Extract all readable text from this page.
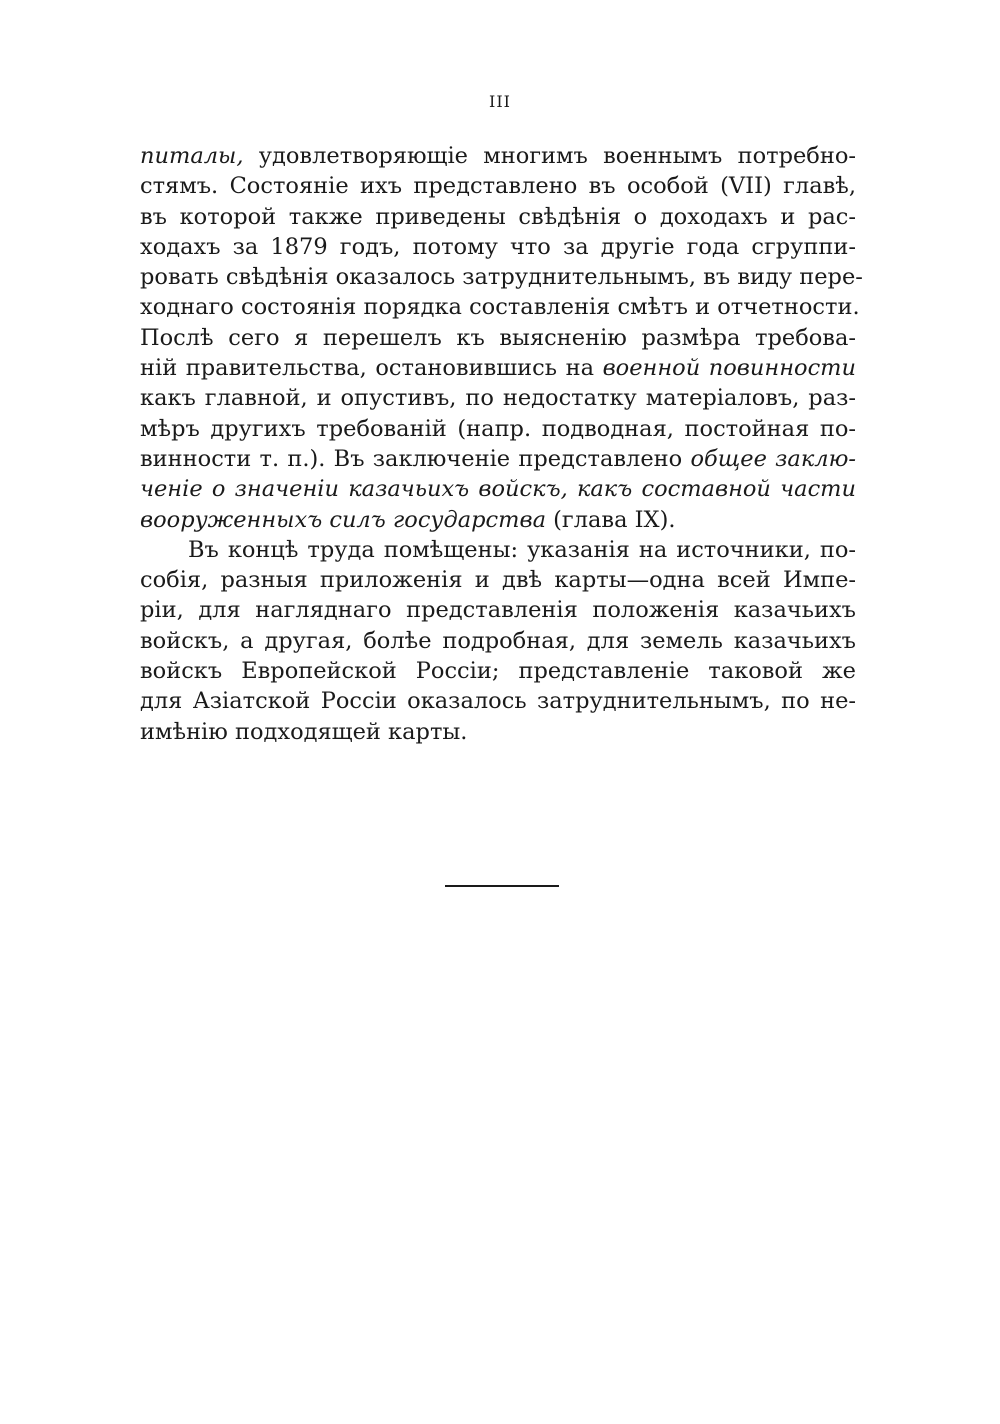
III
питалы, удовлетворяющіе многимъ военнымъ потребно-
стямъ. Состояніе ихъ представлено въ особой (VII) главѣ,
въ которой также приведены свѣдѣнія о доходахъ и рас-
ходахъ за 1879 годъ, потому что за другіе года сгруппи-
ровать свѣдѣнія оказалось затруднительнымъ, въ виду пере-
ходнаго состоянія порядка составленія смѣтъ и отчетности.
Послѣ сего я перешелъ къ выясненію размѣра требова-
ній правительства, остановившись на военной повинности
какъ главной, и опустивъ, по недостатку матеріаловъ, раз-
мѣръ другихъ требованій (напр. подводная, постойная по-
винности т. п.). Въ заключеніе представлено общее заклю-
ченіе о значеніи казачьихъ войскъ, какъ составной части
вооруженныхъ силъ государства (глава IX).
Въ концѣ труда помѣщены: указанія на источники, по-
собія, разныя приложенія и двѣ карты—одна всей Импе-
ріи, для нагляднаго представленія положенія казачьихъ
войскъ, а другая, болѣе подробная, для земель казачьихъ
войскъ Европейской Россіи; представленіе таковой же
для Азіатской Россіи оказалось затруднительнымъ, по не-
имѣнію подходящей карты.
